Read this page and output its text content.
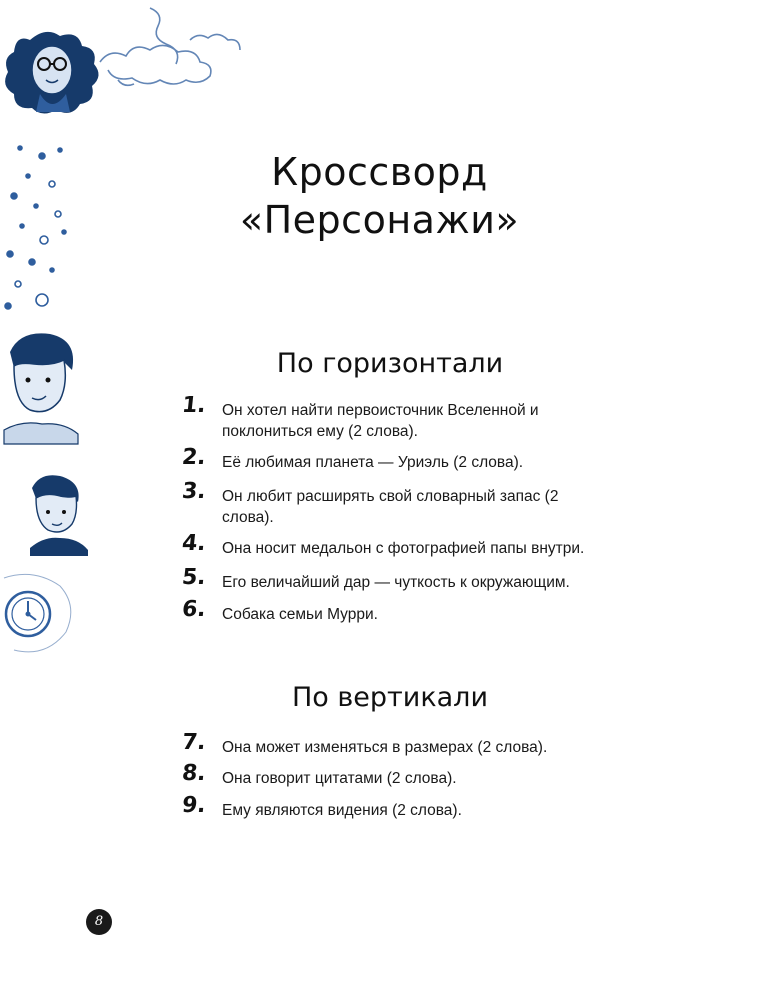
Кроссворд
«Персонажи»
По горизонтали
1 .	Он хотел найти первоисточник Вселенной и поклониться ему (2 слова).
2 .	Её любимая планета — Уриэль (2 слова).
3 .	Он любит расширять свой словарный запас (2 слова).
4 .	Она носит медальон с фотографией папы внутри.
5 .	Его величайший дар — чуткость к окружающим.
6 .	Собака семьи Мурри.
По вертикали
7 .	Она может изменяться в размерах (2 слова).
8 .	Она говорит цитатами (2 слова).
9 .	Ему являются видения (2 слова).
8
